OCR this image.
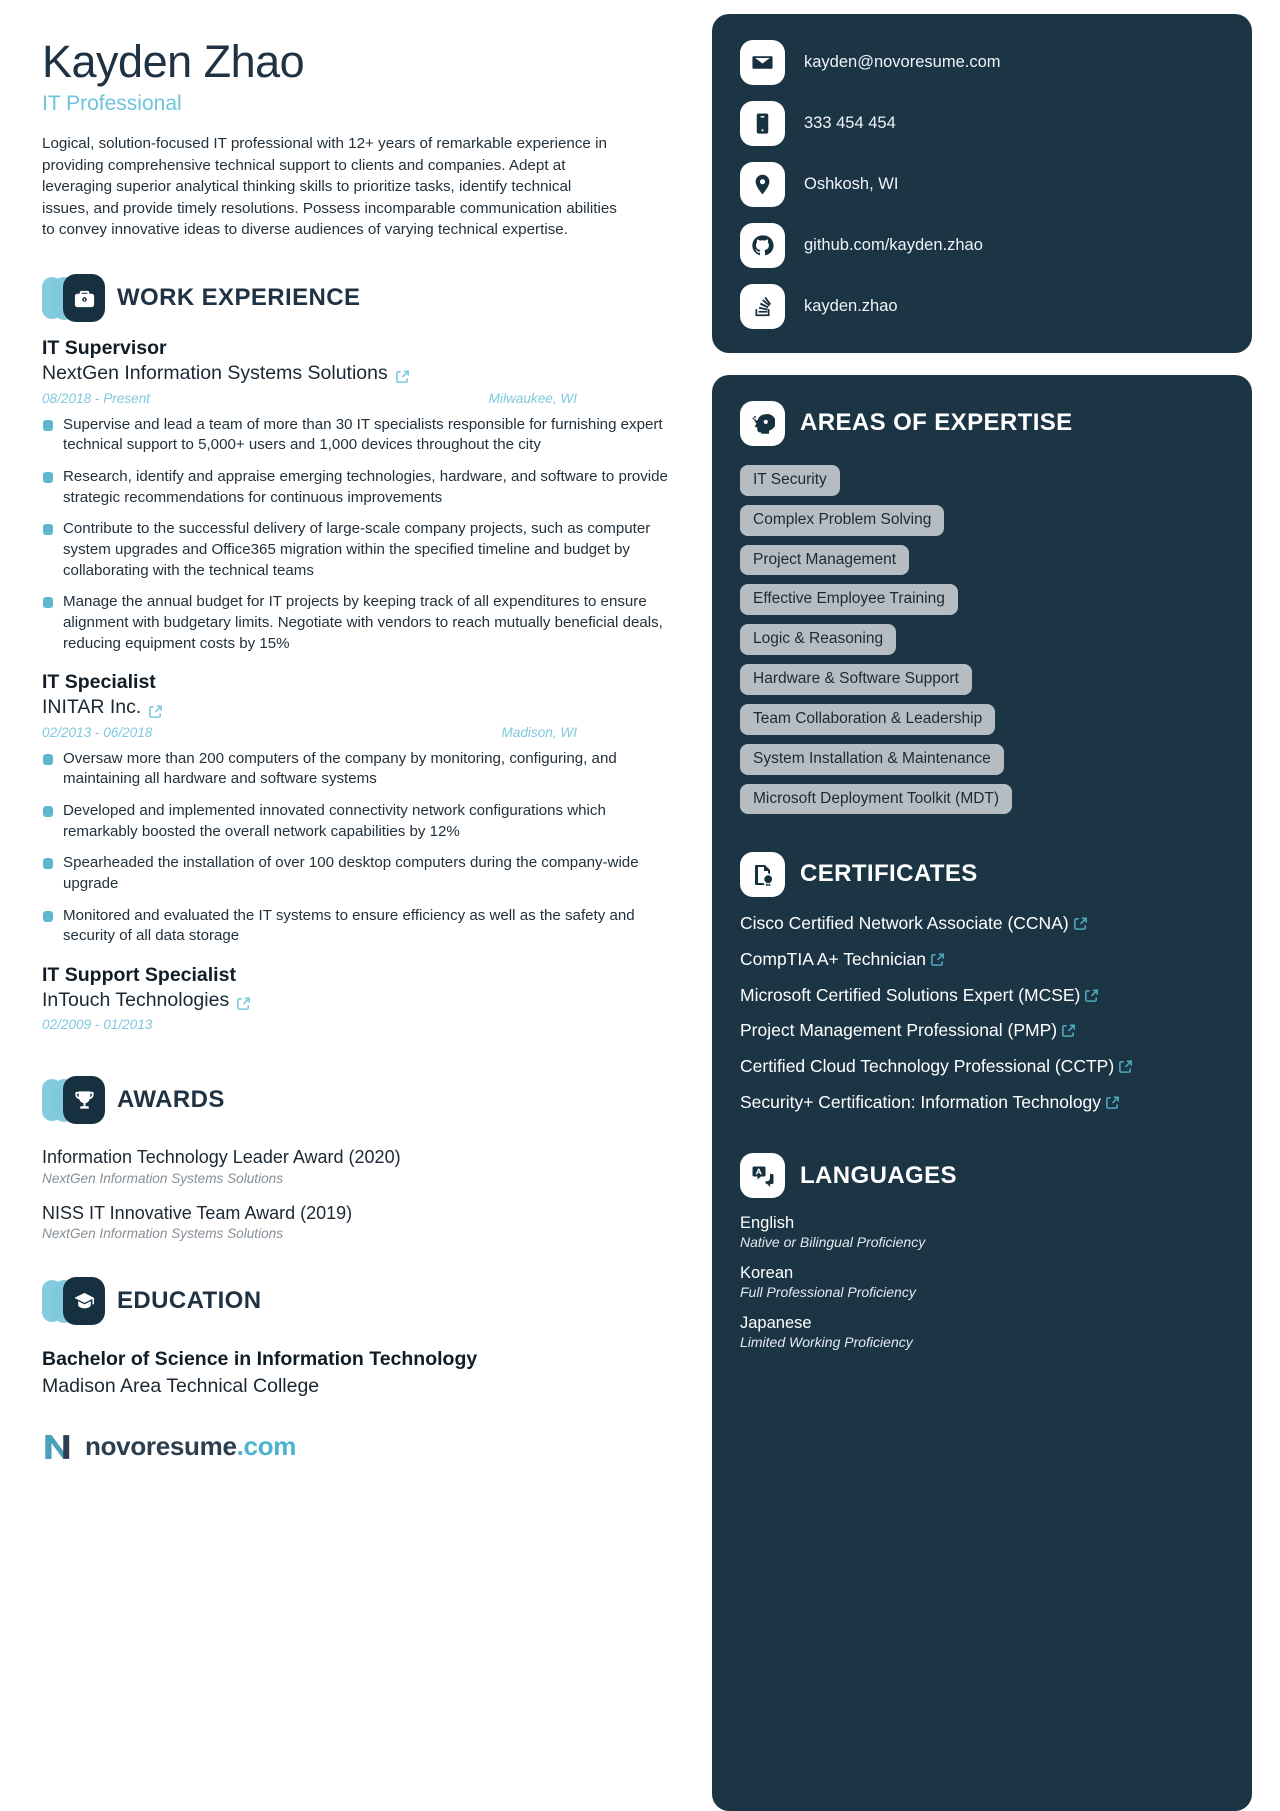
Kayden Zhao
IT Professional
Logical, solution-focused IT professional with 12+ years of remarkable experience in providing comprehensive technical support to clients and companies. Adept at leveraging superior analytical thinking skills to prioritize tasks, identify technical issues, and provide timely resolutions. Possess incomparable communication abilities to convey innovative ideas to diverse audiences of varying technical expertise.
WORK EXPERIENCE
IT Supervisor
NextGen Information Systems Solutions
08/2018 - Present	Milwaukee, WI
Supervise and lead a team of more than 30 IT specialists responsible for furnishing expert technical support to 5,000+ users and 1,000 devices throughout the city
Research, identify and appraise emerging technologies, hardware, and software to provide strategic recommendations for continuous improvements
Contribute to the successful delivery of large-scale company projects, such as computer system upgrades and Office365 migration within the specified timeline and budget by collaborating with the technical teams
Manage the annual budget for IT projects by keeping track of all expenditures to ensure alignment with budgetary limits. Negotiate with vendors to reach mutually beneficial deals, reducing equipment costs by 15%
IT Specialist
INITAR Inc.
02/2013 - 06/2018	Madison, WI
Oversaw more than 200 computers of the company by monitoring, configuring, and maintaining all hardware and software systems
Developed and implemented innovated connectivity network configurations which remarkably boosted the overall network capabilities by 12%
Spearheaded the installation of over 100 desktop computers during the company-wide upgrade
Monitored and evaluated the IT systems to ensure efficiency as well as the safety and security of all data storage
IT Support Specialist
InTouch Technologies
02/2009 - 01/2013
AWARDS
Information Technology Leader Award (2020)
NextGen Information Systems Solutions
NISS IT Innovative Team Award (2019)
NextGen Information Systems Solutions
EDUCATION
Bachelor of Science in Information Technology
Madison Area Technical College
novoresume.com
kayden@novoresume.com
333 454 454
Oshkosh, WI
github.com/kayden.zhao
kayden.zhao
AREAS OF EXPERTISE
IT Security
Complex Problem Solving
Project Management
Effective Employee Training
Logic & Reasoning
Hardware & Software Support
Team Collaboration & Leadership
System Installation & Maintenance
Microsoft Deployment Toolkit (MDT)
CERTIFICATES
Cisco Certified Network Associate (CCNA)
CompTIA A+ Technician
Microsoft Certified Solutions Expert (MCSE)
Project Management Professional (PMP)
Certified Cloud Technology Professional (CCTP)
Security+ Certification: Information Technology
LANGUAGES
English
Native or Bilingual Proficiency
Korean
Full Professional Proficiency
Japanese
Limited Working Proficiency
